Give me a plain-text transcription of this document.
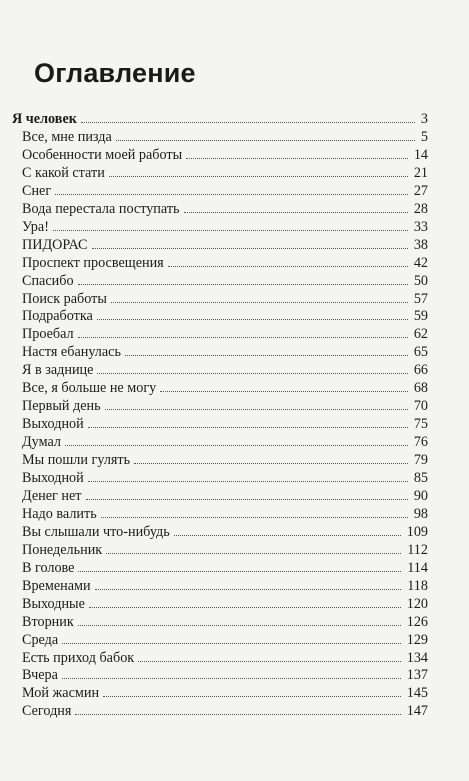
Оглавление
Я человек	3
Все, мне пизда	5
Особенности моей работы	14
С какой стати	21
Снег	27
Вода перестала поступать	28
Ура!	33
ПИДОРАС	38
Проспект просвещения	42
Спасибо	50
Поиск работы	57
Подработка	59
Проебал	62
Настя ебанулась	65
Я в заднице	66
Все, я больше не могу	68
Первый день	70
Выходной	75
Думал	76
Мы пошли гулять	79
Выходной	85
Денег нет	90
Надо валить	98
Вы слышали что-нибудь	109
Понедельник	112
В голове	114
Временами	118
Выходные	120
Вторник	126
Среда	129
Есть приход бабок	134
Вчера	137
Мой жасмин	145
Сегодня	147
